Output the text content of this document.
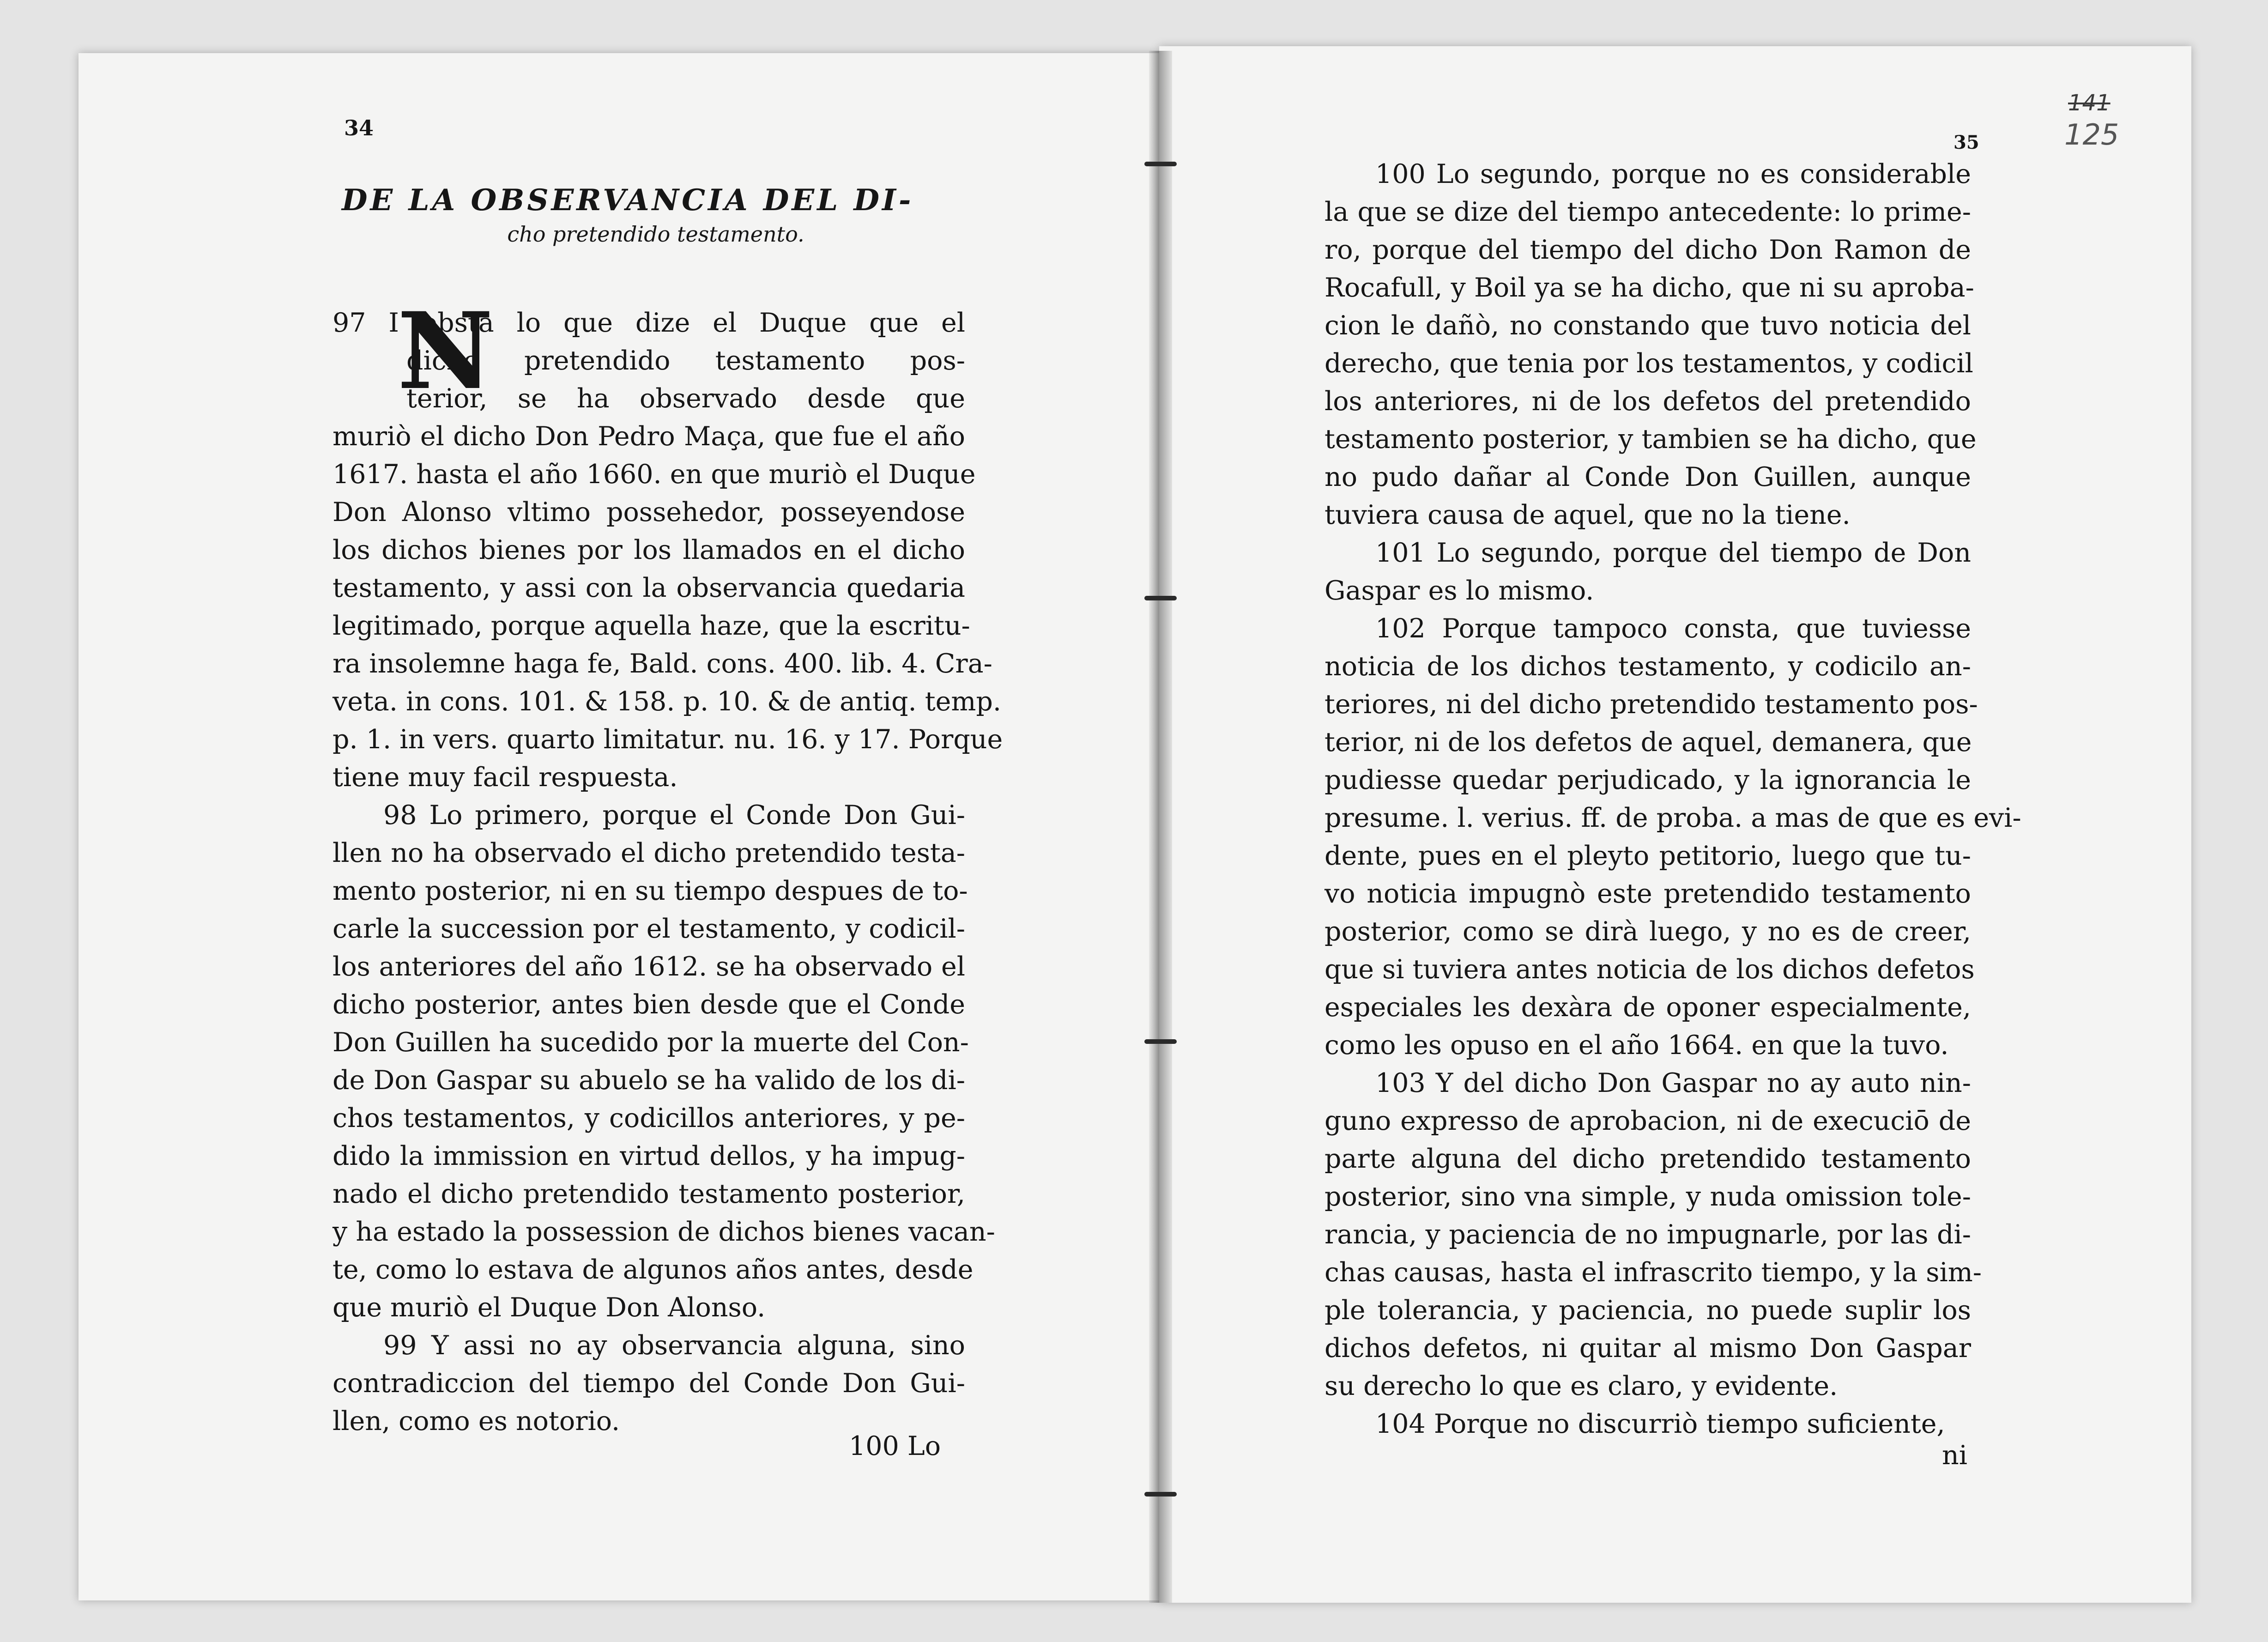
34
DE LA OBSERVANCIA DEL DI-
cho pretendido testamento.
N
97 I obsta lo que dize el Duque que el
dicho pretendido testamento pos-
terior, se ha observado desde que
muriò el dicho Don Pedro Maça, que fue el año
1617. hasta el año 1660. en que muriò el Duque
Don Alonso vltimo possehedor, posseyendose
los dichos bienes por los llamados en el dicho
testamento, y assi con la observancia quedaria
legitimado, porque aquella haze, que la escritu-
ra insolemne haga fe, Bald. cons. 400. lib. 4. Cra-
veta. in cons. 101. & 158. p. 10. & de antiq. temp.
p. 1. in vers. quarto limitatur. nu. 16. y 17. Porque
tiene muy facil respuesta.
98 Lo primero, porque el Conde Don Gui-
llen no ha observado el dicho pretendido testa-
mento posterior, ni en su tiempo despues de to-
carle la succession por el testamento, y codicil-
los anteriores del año 1612. se ha observado el
dicho posterior, antes bien desde que el Conde
Don Guillen ha sucedido por la muerte del Con-
de Don Gaspar su abuelo se ha valido de los di-
chos testamentos, y codicillos anteriores, y pe-
dido la immission en virtud dellos, y ha impug-
nado el dicho pretendido testamento posterior,
y ha estado la possession de dichos bienes vacan-
te, como lo estava de algunos años antes, desde
que muriò el Duque Don Alonso.
99 Y assi no ay observancia alguna, sino
contradiccion del tiempo del Conde Don Gui-
llen, como es notorio.
100 Lo
35
141
125
100 Lo segundo, porque no es considerable
la que se dize del tiempo antecedente: lo prime-
ro, porque del tiempo del dicho Don Ramon de
Rocafull, y Boil ya se ha dicho, que ni su aproba-
cion le dañò, no constando que tuvo noticia del
derecho, que tenia por los testamentos, y codicil
los anteriores, ni de los defetos del pretendido
testamento posterior, y tambien se ha dicho, que
no pudo dañar al Conde Don Guillen, aunque
tuviera causa de aquel, que no la tiene.
101 Lo segundo, porque del tiempo de Don
Gaspar es lo mismo.
102 Porque tampoco consta, que tuviesse
noticia de los dichos testamento, y codicilo an-
teriores, ni del dicho pretendido testamento pos-
terior, ni de los defetos de aquel, demanera, que
pudiesse quedar perjudicado, y la ignorancia le
presume. l. verius. ff. de proba. a mas de que es evi-
dente, pues en el pleyto petitorio, luego que tu-
vo noticia impugnò este pretendido testamento
posterior, como se dirà luego, y no es de creer,
que si tuviera antes noticia de los dichos defetos
especiales les dexàra de oponer especialmente,
como les opuso en el año 1664. en que la tuvo.
103 Y del dicho Don Gaspar no ay auto nin-
guno expresso de aprobacion, ni de execuciō de
parte alguna del dicho pretendido testamento
posterior, sino vna simple, y nuda omission tole-
rancia, y paciencia de no impugnarle, por las di-
chas causas, hasta el infrascrito tiempo, y la sim-
ple tolerancia, y paciencia, no puede suplir los
dichos defetos, ni quitar al mismo Don Gaspar
su derecho lo que es claro, y evidente.
104 Porque no discurriò tiempo suficiente,
ni
